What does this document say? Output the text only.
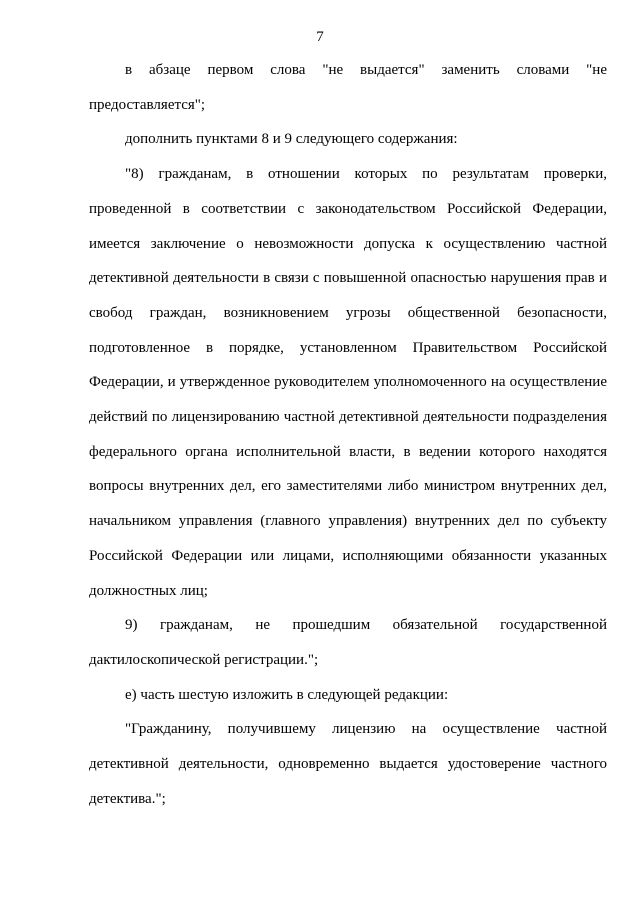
7
в абзаце первом слова "не выдается" заменить словами "не
предоставляется";
дополнить пунктами 8 и 9 следующего содержания:
"8) гражданам, в отношении которых по результатам проверки,
проведенной в соответствии с законодательством Российской Федерации,
имеется заключение о невозможности допуска к осуществлению частной
детективной деятельности в связи с повышенной опасностью нарушения прав и
свобод граждан, возникновением угрозы общественной безопасности,
подготовленное в порядке, установленном Правительством Российской
Федерации, и утвержденное руководителем уполномоченного на осуществление
действий по лицензированию частной детективной деятельности подразделения
федерального органа исполнительной власти, в ведении которого находятся
вопросы внутренних дел, его заместителями либо министром внутренних дел,
начальником управления (главного управления) внутренних дел по субъекту
Российской Федерации или лицами, исполняющими обязанности указанных
должностных лиц;
9) гражданам, не прошедшим обязательной государственной
дактилоскопической регистрации.";
е) часть шестую изложить в следующей редакции:
"Гражданину, получившему лицензию на осуществление частной
детективной деятельности, одновременно выдается удостоверение частного
детектива.";
